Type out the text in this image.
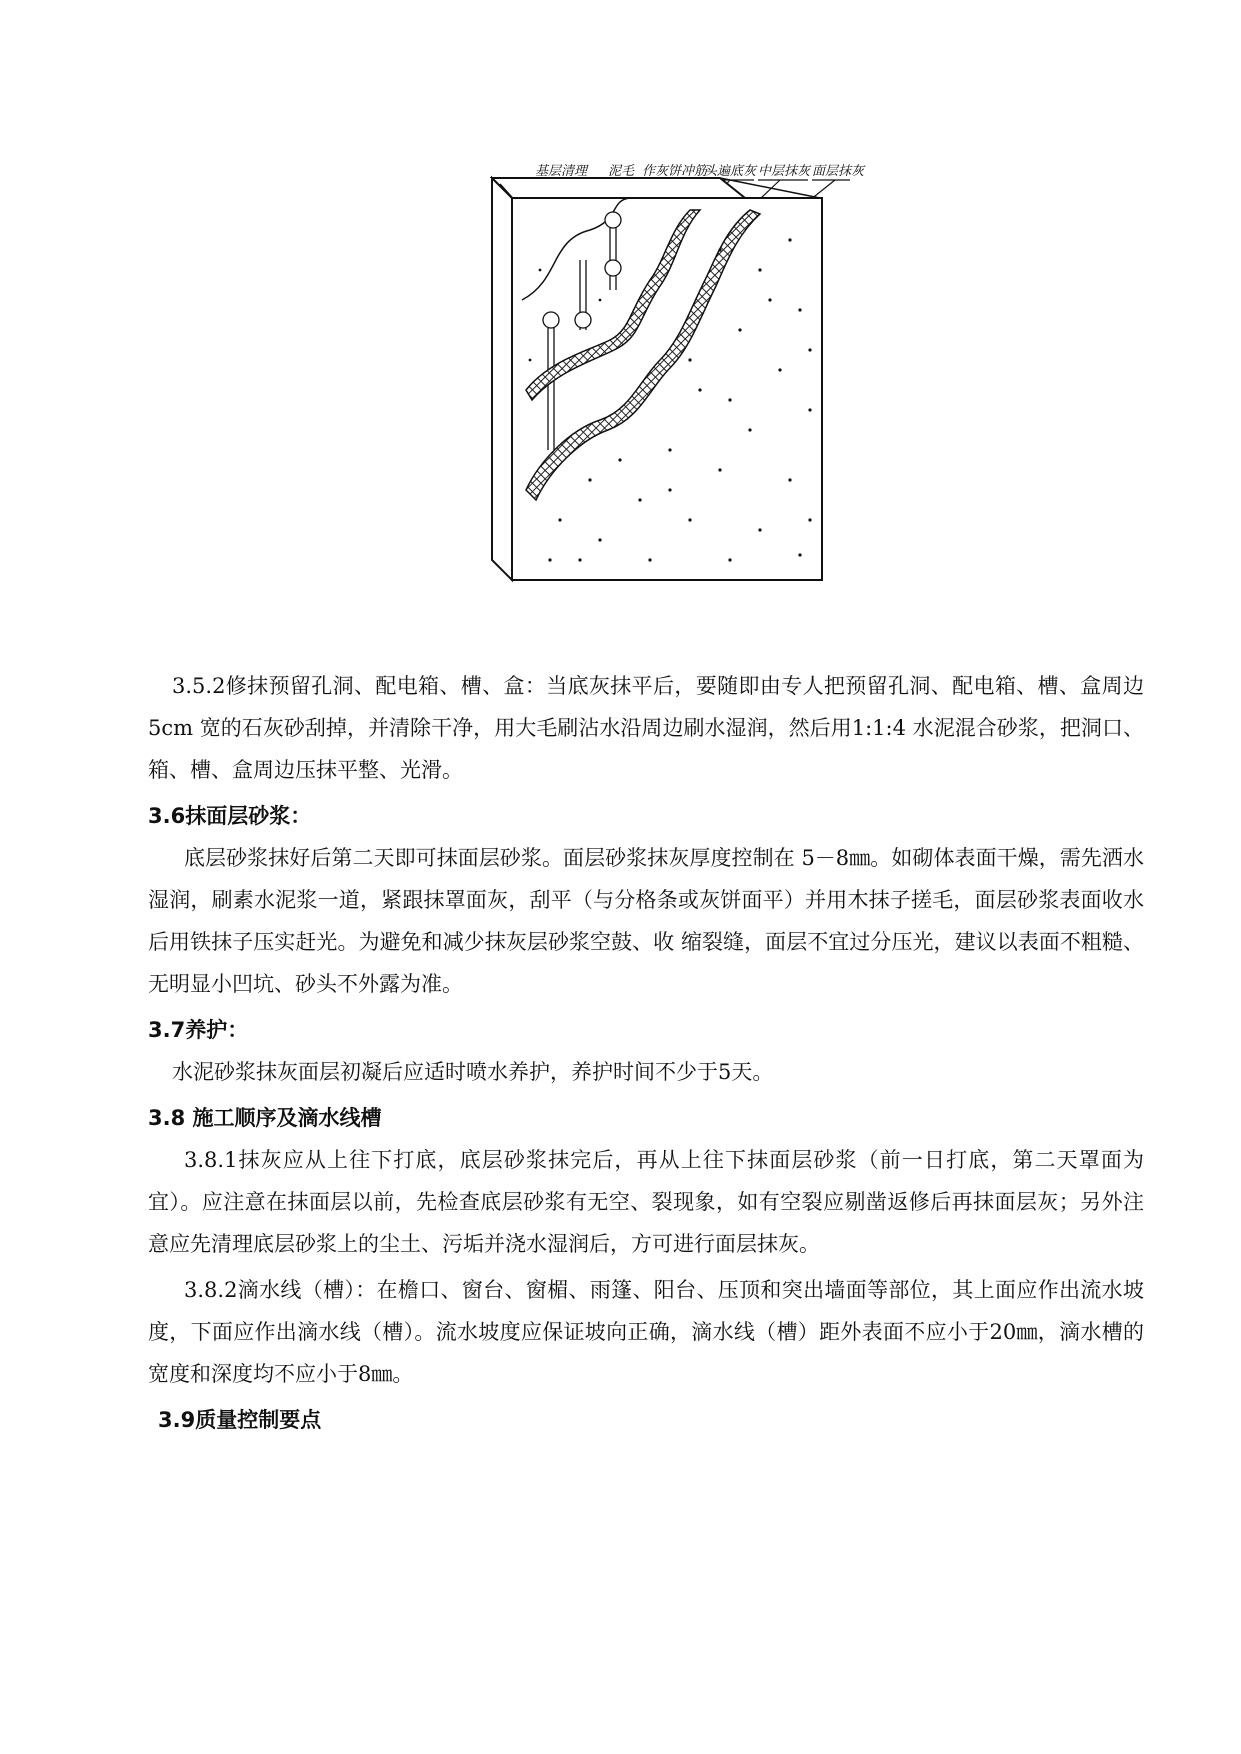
基层清理 泥毛 作灰饼冲筋
头遍底灰 中层抹灰 面层抹灰

3.5.2修抹预留孔洞、配电箱、槽、盒：当底灰抹平后，要随即由专人把预留孔洞、配电箱、槽、盒周边5cm 宽的石灰砂刮掉，并清除干净，用大毛刷沾水沿周边刷水湿润，然后用1:1:4 水泥混合砂浆，把洞口、箱、槽、盒周边压抹平整、光滑。

3.6抹面层砂浆：

底层砂浆抹好后第二天即可抹面层砂浆。面层砂浆抹灰厚度控制在 5－8㎜。如砌体表面干燥，需先洒水湿润，刷素水泥浆一道，紧跟抹罩面灰，刮平（与分格条或灰饼面平）并用木抹子搓毛，面层砂浆表面收水后用铁抹子压实赶光。为避免和减少抹灰层砂浆空鼓、收 缩裂缝，面层不宜过分压光，建议以表面不粗糙、无明显小凹坑、砂头不外露为准。

3.7养护：

水泥砂浆抹灰面层初凝后应适时喷水养护，养护时间不少于5天。

3.8 施工顺序及滴水线槽

3.8.1抹灰应从上往下打底，底层砂浆抹完后，再从上往下抹面层砂浆（前一日打底，第二天罩面为宜）。应注意在抹面层以前，先检查底层砂浆有无空、裂现象，如有空裂应剔凿返修后再抹面层灰；另外注意应先清理底层砂浆上的尘土、污垢并浇水湿润后，方可进行面层抹灰。

3.8.2滴水线（槽）：在檐口、窗台、窗楣、雨篷、阳台、压顶和突出墙面等部位，其上面应作出流水坡度，下面应作出滴水线（槽）。流水坡度应保证坡向正确，滴水线（槽）距外表面不应小于20㎜，滴水槽的宽度和深度均不应小于8㎜。

3.9质量控制要点
